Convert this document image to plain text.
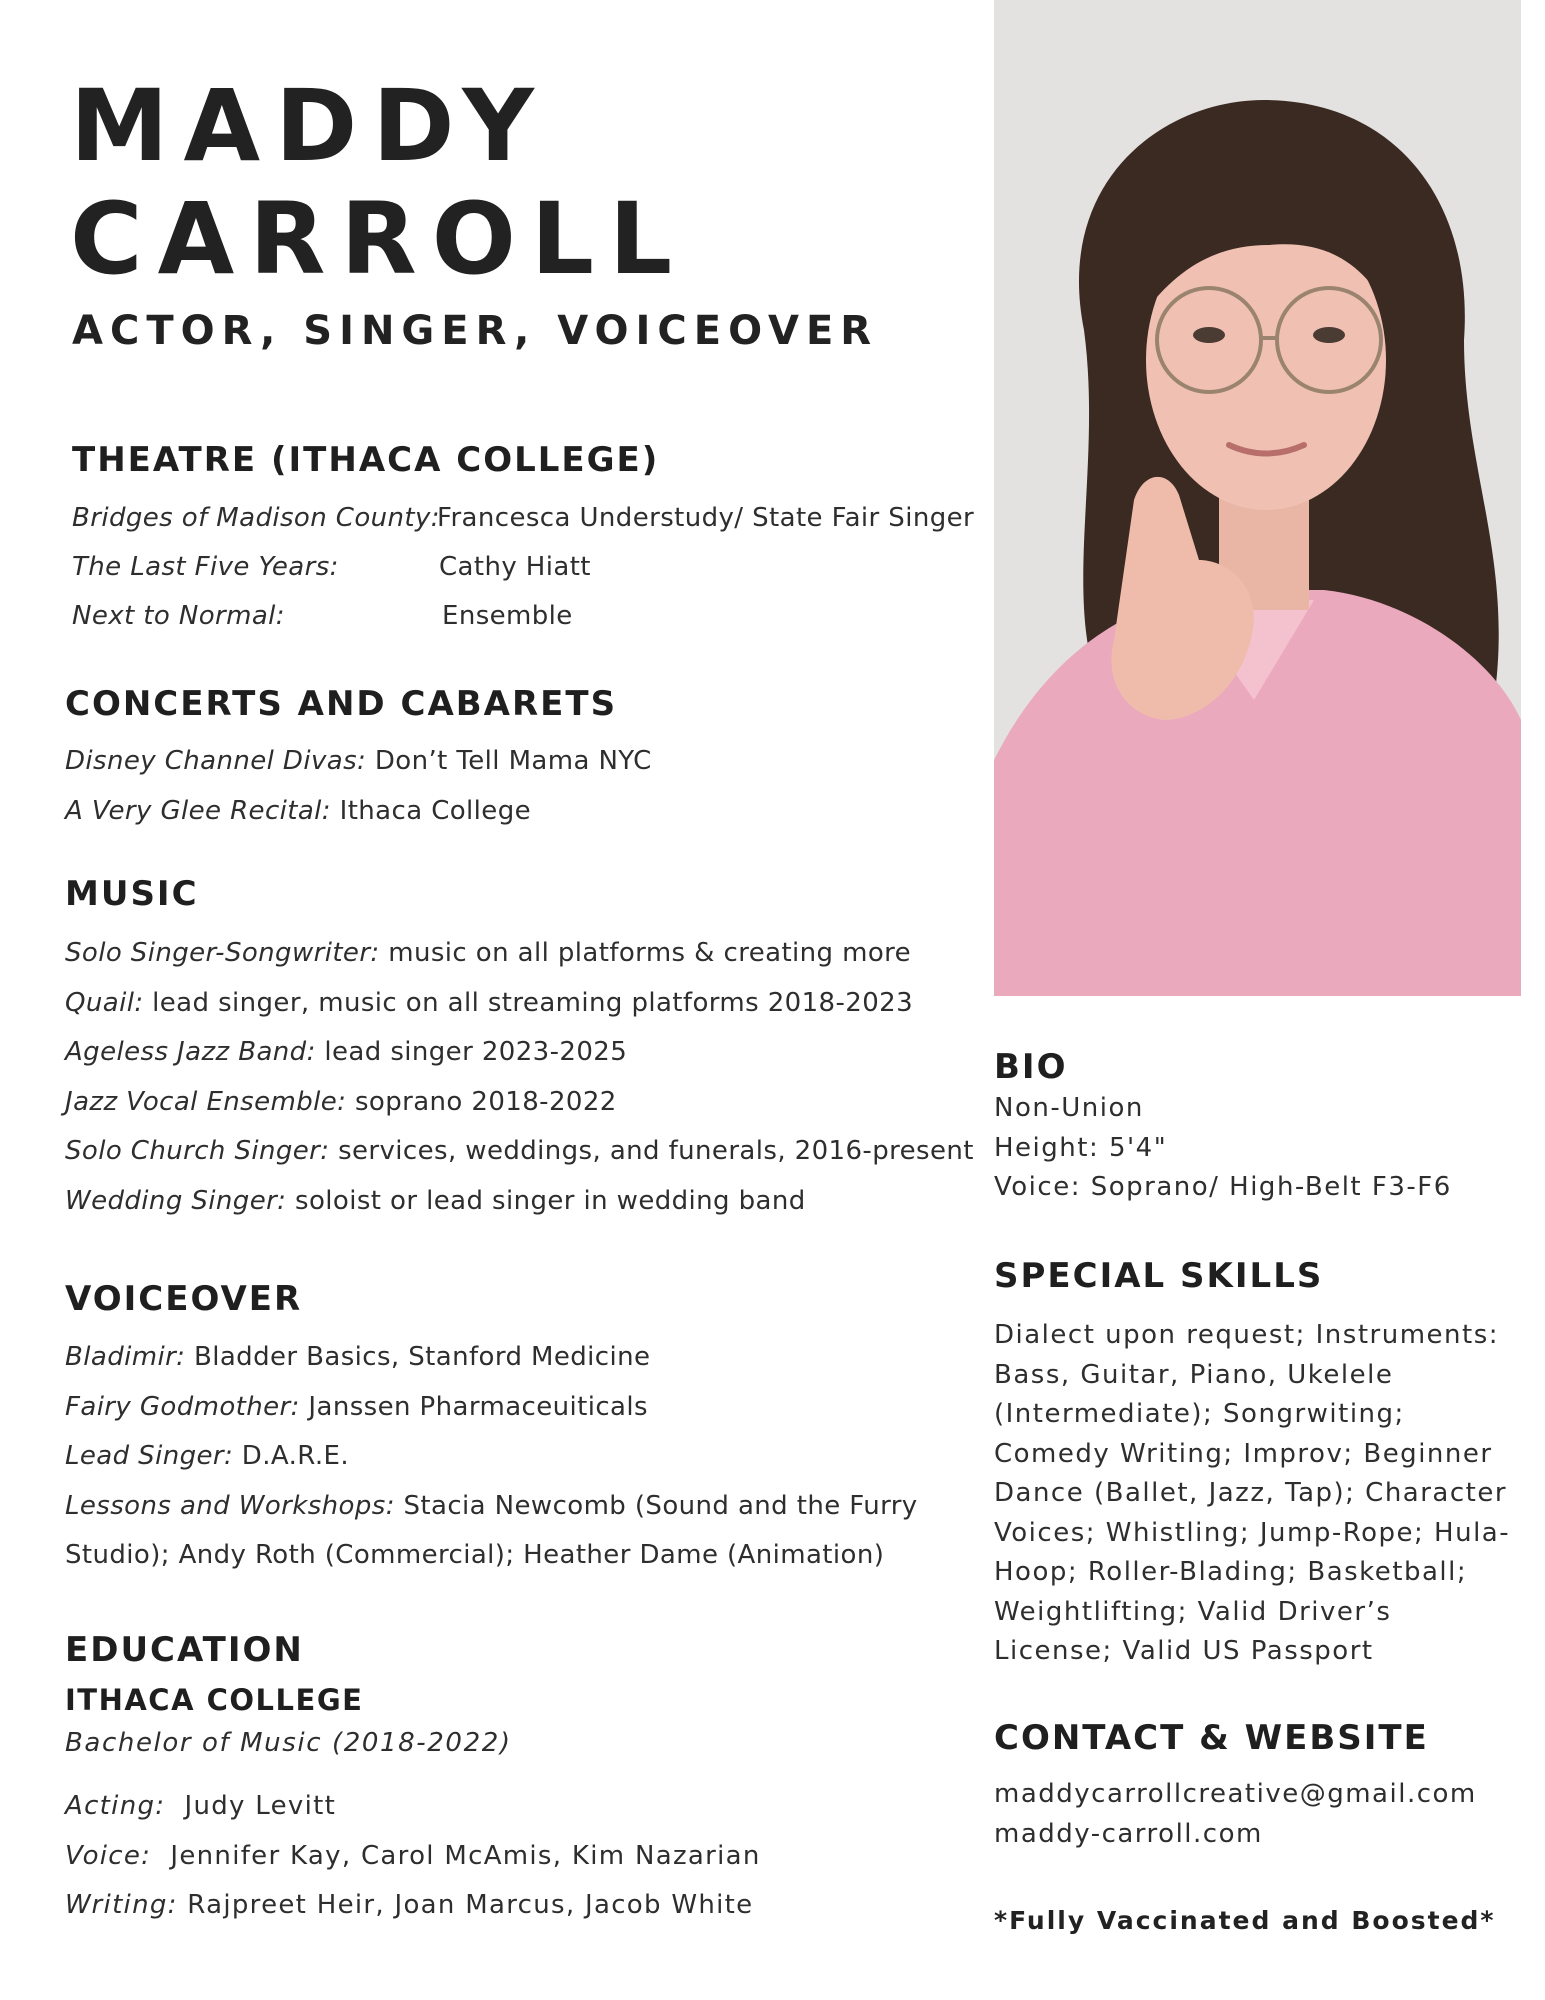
MADDY
CARROLL

ACTOR, SINGER, VOICEOVER

THEATRE (ITHACA COLLEGE)
Bridges of Madison County:
Francesca Understudy/ State Fair Singer
The Last Five Years:	Cathy Hiatt
Next to Normal:	Ensemble
CONCERTS AND CABARETS
Disney Channel Divas: Don’t Tell Mama NYC
A Very Glee Recital: Ithaca College
MUSIC
Solo Singer-Songwriter: music on all platforms & creating more
Quail: lead singer, music on all streaming platforms 2018-2023
Ageless Jazz Band: lead singer 2023-2025
Jazz Vocal Ensemble: soprano 2018-2022
Solo Church Singer: services, weddings, and funerals, 2016-present
Wedding Singer: soloist or lead singer in wedding band
VOICEOVER
Bladimir: Bladder Basics, Stanford Medicine
Fairy Godmother: Janssen Pharmaceuiticals
Lead Singer: D.A.R.E.
Lessons and Workshops: Stacia Newcomb (Sound and the Furry
Studio); Andy Roth (Commercial); Heather Dame (Animation)
EDUCATION
ITHACA COLLEGE
Bachelor of Music (2018-2022)
Acting:  Judy Levitt
Voice:  Jennifer Kay, Carol McAmis, Kim Nazarian
Writing: Rajpreet Heir, Joan Marcus, Jacob White
BIO
Non-Union
Height: 5'4"
Voice: Soprano/ High-Belt F3-F6
SPECIAL SKILLS
Dialect upon request; Instruments: Bass, Guitar, Piano, Ukelele (Intermediate); Songrwiting; Comedy Writing; Improv; Beginner Dance (Ballet, Jazz, Tap); Character Voices; Whistling; Jump-Rope; Hula-Hoop; Roller-Blading; Basketball; Weightlifting; Valid Driver’s License; Valid US Passport
CONTACT & WEBSITE
maddycarrollcreative@gmail.com
maddy-carroll.com
*Fully Vaccinated and Boosted*
